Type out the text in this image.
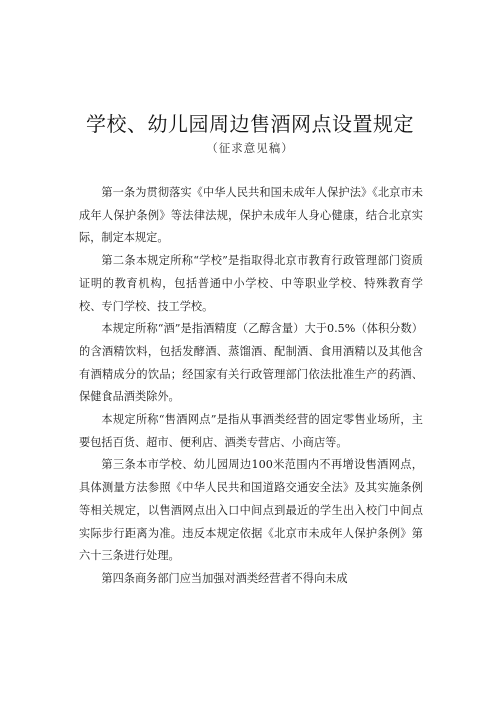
学校、幼儿园周边售酒网点设置规定
（征求意见稿）

第一条为贯彻落实《中华人民共和国未成年人保护法》《北京市未成年人保护条例》等法律法规，保护未成年人身心健康，结合北京实际，制定本规定。

第二条本规定所称“学校”是指取得北京市教育行政管理部门资质证明的教育机构，包括普通中小学校、中等职业学校、特殊教育学校、专门学校、技工学校。

本规定所称“酒”是指酒精度（乙醇含量）大于0.5%（体积分数）的含酒精饮料，包括发酵酒、蒸馏酒、配制酒、食用酒精以及其他含有酒精成分的饮品；经国家有关行政管理部门依法批准生产的药酒、保健食品酒类除外。

本规定所称“售酒网点”是指从事酒类经营的固定零售业场所，主要包括百货、超市、便利店、酒类专营店、小商店等。

第三条本市学校、幼儿园周边100米范围内不再增设售酒网点，具体测量方法参照《中华人民共和国道路交通安全法》及其实施条例等相关规定，以售酒网点出入口中间点到最近的学生出入校门中间点实际步行距离为准。违反本规定依据《北京市未成年人保护条例》第六十三条进行处理。

第四条商务部门应当加强对酒类经营者不得向未成
